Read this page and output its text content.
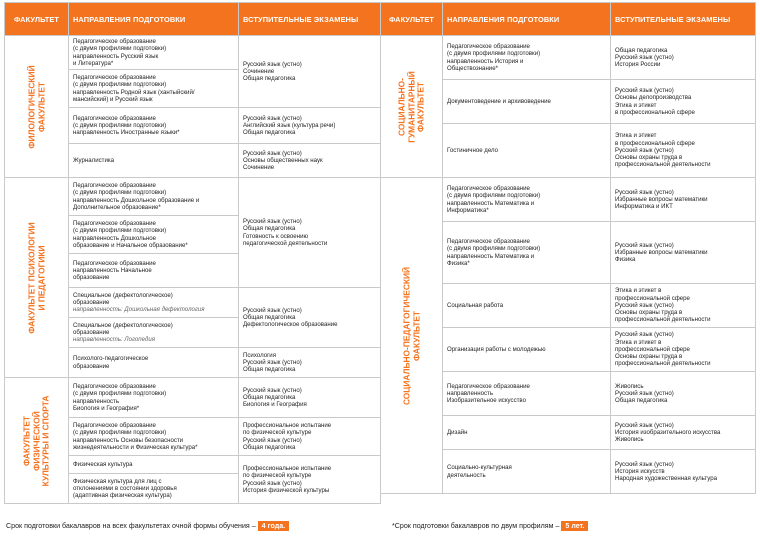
ФАКУЛЬТЕТ	НАПРАВЛЕНИЯ ПОДГОТОВКИ	ВСТУПИТЕЛЬНЫЕ ЭКЗАМЕНЫ

ФИЛОЛОГИЧЕСКИЙ
ФАКУЛЬТЕТ	Педагогическое образование
(с двумя профилями подготовки)
направленность Русский язык
и Литература*	Русский язык (устно)
Сочинение
Общая педагогика
	Педагогическое образование
(с двумя профилями подготовки)
направленность Родной язык (хантыйский/
мансийский) и Русский язык	
	Педагогическое образование
(с двумя профилями подготовки)
направленность Иностранные языки*	Русский язык (устно)
Английский язык (культура речи)
Общая педагогика
	Журналистика	Русский язык (устно)
Основы общественных наук
Сочинение

ФАКУЛЬТЕТ ПСИХОЛОГИИ
И ПЕДАГОГИКИ	Педагогическое образование
(с двумя профилями подготовки)
направленность Дошкольное образование и
Дополнительное образование*	Русский язык (устно)
Общая педагогика
Готовность к освоению
педагогической деятельности
	Педагогическое образование
(с двумя профилями подготовки)
направленность Дошкольное
образование и Начальное образование*	
	Педагогическое образование
направленность Начальное
образование	
	Специальное (дефектологическое)
образование
направленность: Дошкольная дефектология	Русский язык (устно)
Общая педагогика
Дефектологическое образование
	Специальное (дефектологическое)
образование
направленность: Логопедия	

	Психолого-педагогическое
образование	Психология
Русский язык (устно)
Общая педагогика

ФАКУЛЬТЕТ
ФИЗИЧЕСКОЙ
КУЛЬТУРЫ И СПОРТА	Педагогическое образование
(с двумя профилями подготовки)
направленность
Биология и География*	Русский язык (устно)
Общая педагогика
Биология и География
	Педагогическое образование
(с двумя профилями подготовки)
направленность Основы безопасности
жизнедеятельности и Физическая культура*	Профессиональное испытание
по физической культуре
Русский язык (устно)
Общая педагогика
	Физическая культура	Профессиональное испытание
по физической культуре
Русский язык (устно)
История физической культуры
	Физическая культура для лиц с
отклонениями в состоянии здоровья
(адаптивная физическая культура)	
ФАКУЛЬТЕТ	НАПРАВЛЕНИЯ ПОДГОТОВКИ	ВСТУПИТЕЛЬНЫЕ ЭКЗАМЕНЫ

СОЦИАЛЬНО-
ГУМАНИТАРНЫЙ
ФАКУЛЬТЕТ	Педагогическое образование
(с двумя профилями подготовки)
направленность История и
Обществознание*	Общая педагогика
Русский язык (устно)
История России
	Документоведение и архивоведение	Русский язык (устно)
Основы делопроизводства
Этика и этикет
в профессиональной сфере
	Гостиничное дело	Этика и этикет
в профессиональной сфере
Русский язык (устно)
Основы охраны труда в
профессиональной деятельности

СОЦИАЛЬНО-ПЕДАГОГИЧЕСКИЙ
ФАКУЛЬТЕТ	Педагогическое образование
(с двумя профилями подготовки)
направленность Математика и
Информатика*	Русский язык (устно)
Избранные вопросы математики
Информатика и ИКТ
	Педагогическое образование
(с двумя профилями подготовки)
направленность Математика и
Физика*	Русский язык (устно)
Избранные вопросы математики
Физика
	Социальная работа	Этика и этикет в
профессиональной сфере
Русский язык (устно)
Основы охраны труда в
профессиональной деятельности
	Организация работы с молодежью	Русский язык (устно)
Этика и этикет в
профессиональной сфере
Основы охраны труда в
профессиональной деятельности
	Педагогическое образование
направленность
Изобразительное искусство	Живопись
Русский язык (устно)
Общая педагогика
	Дизайн	Русский язык (устно)
История изобразительного искусства
Живопись
	Социально-культурная
деятельность	Русский язык (устно)
История искусств
Народная художественная культура
Срок подготовки бакалавров на всех факультетах очной формы обучения – 4 года.	*Срок подготовки бакалавров по двум профилям – 5 лет.
